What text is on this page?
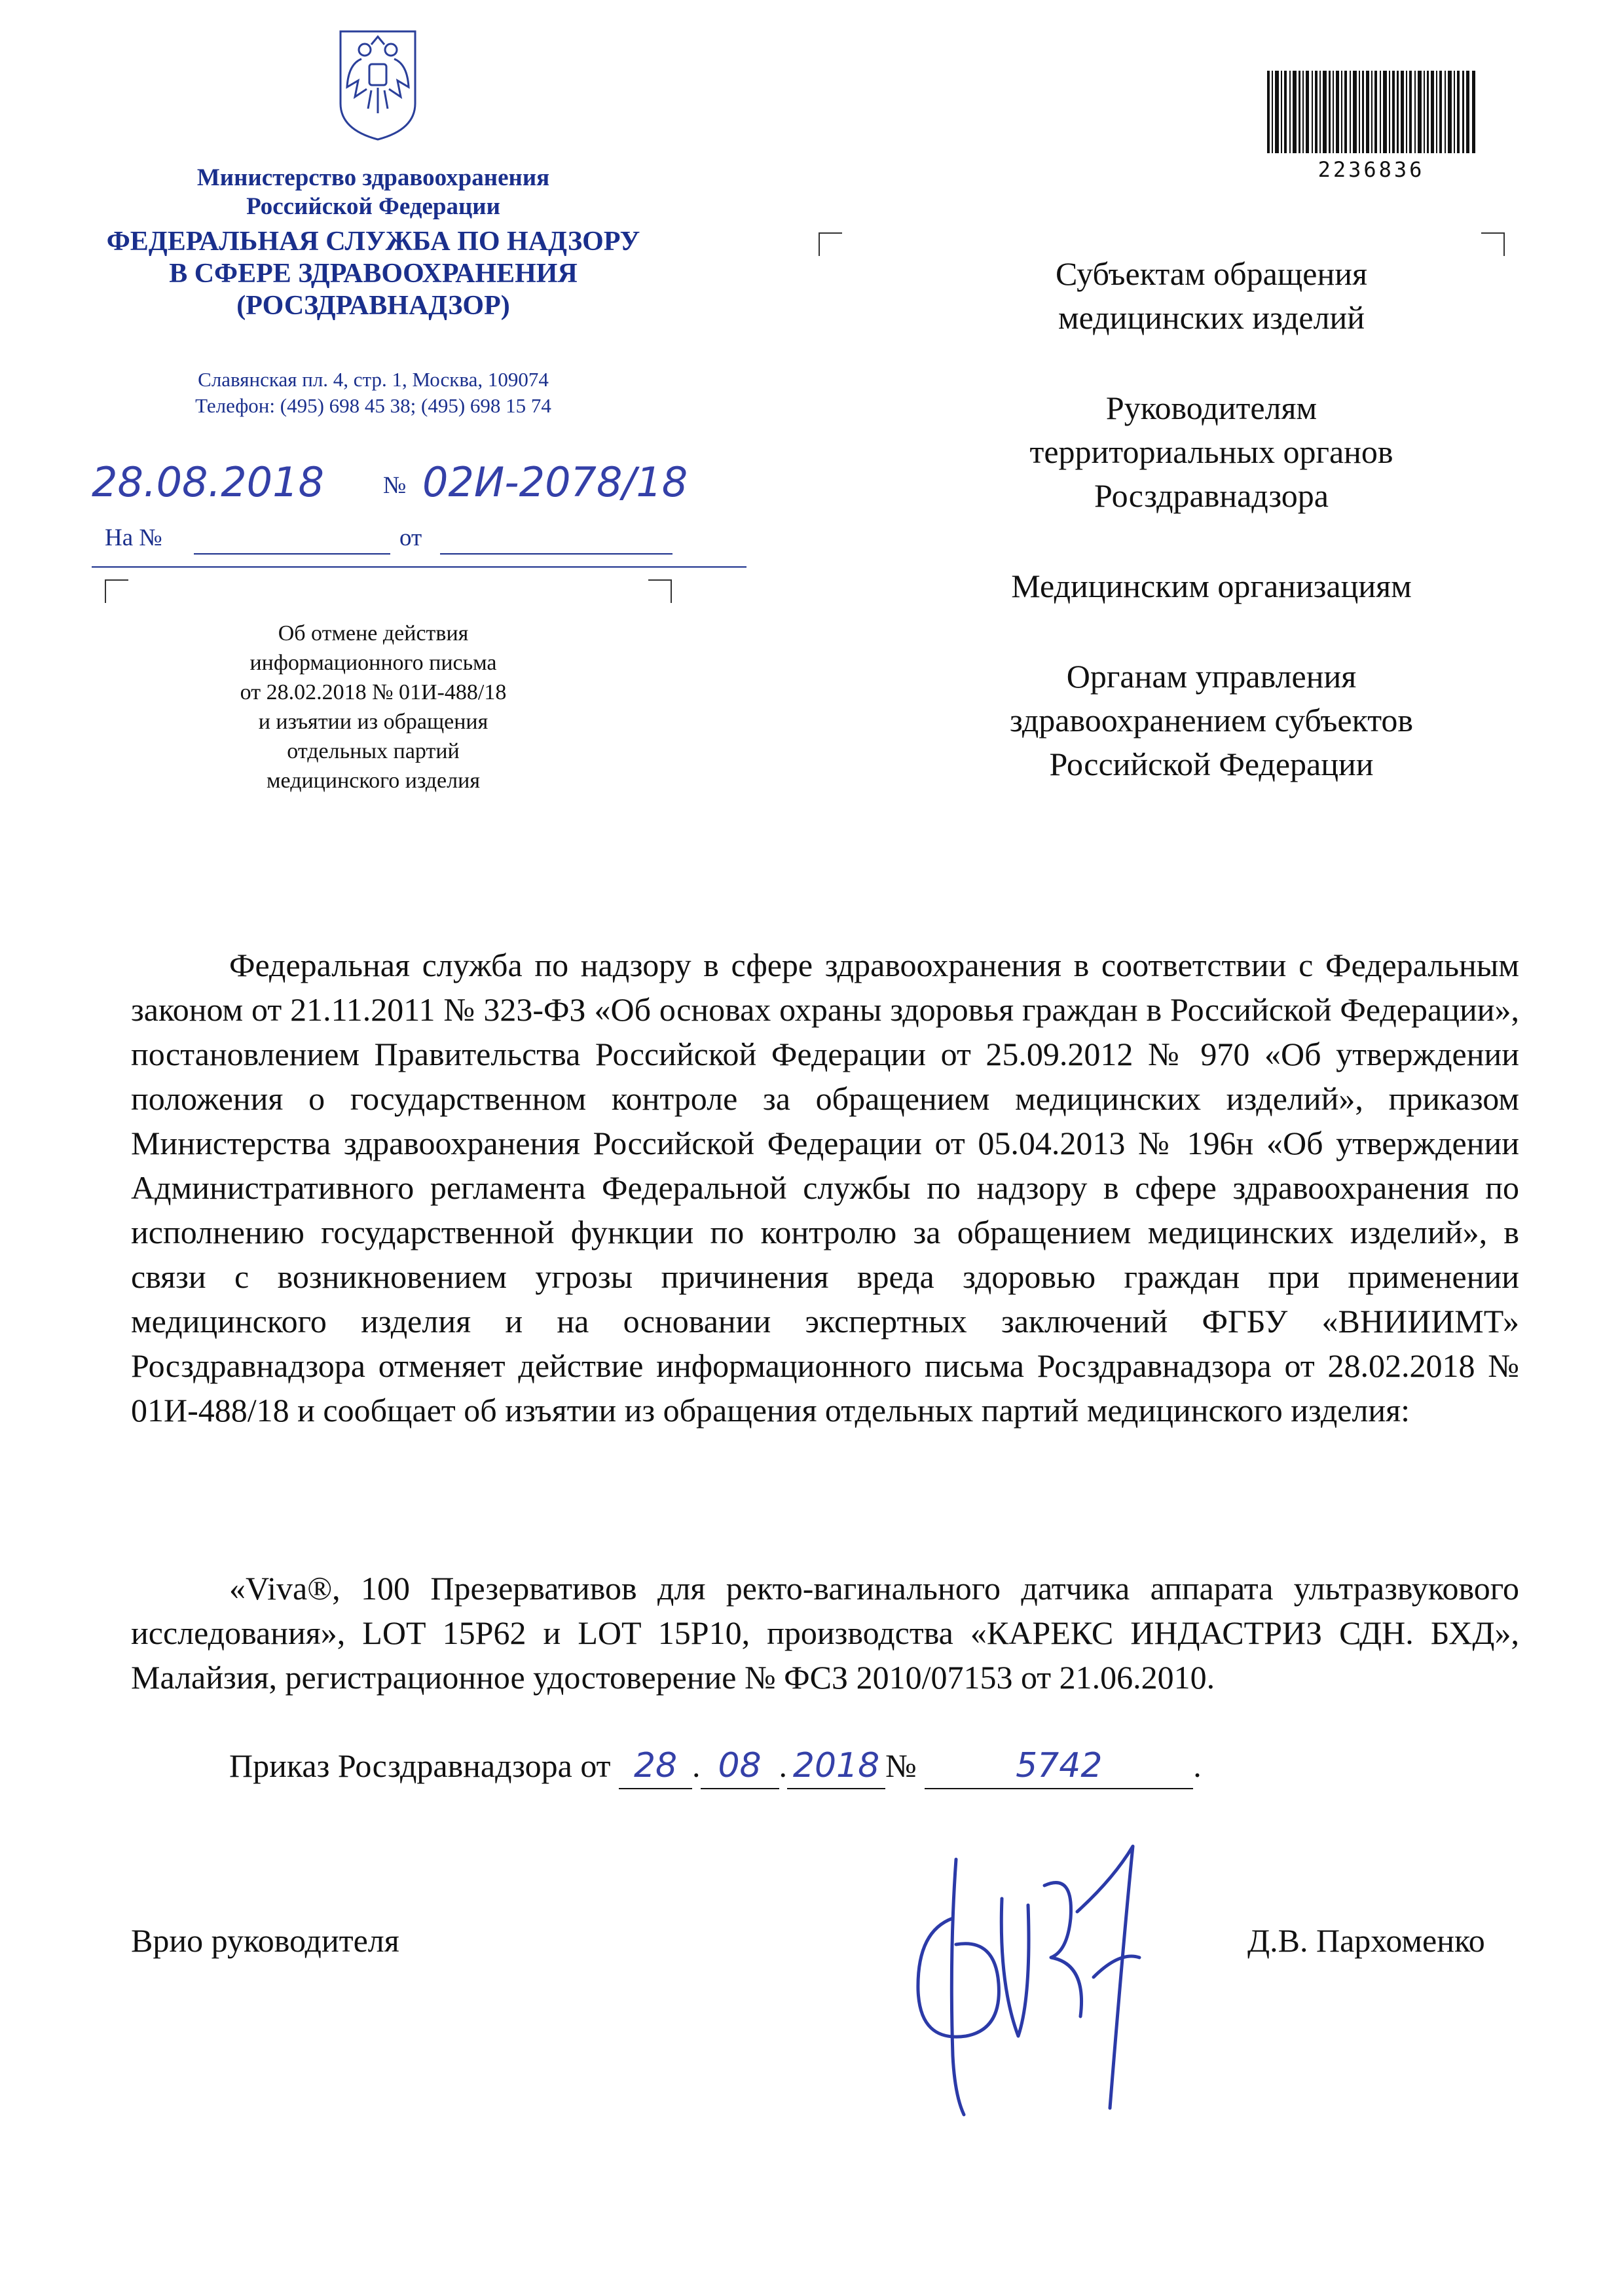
Министерство здравоохранения
Российской Федерации
ФЕДЕРАЛЬНАЯ СЛУЖБА ПО НАДЗОРУ
В СФЕРЕ ЗДРАВООХРАНЕНИЯ
(РОСЗДРАВНАДЗОР)
Славянская пл. 4, стр. 1, Москва, 109074
Телефон: (495) 698 45 38; (495) 698 15 74
28.08.2018 № 02И-2078/18
На №	от
Об отмене действия
информационного письма
от 28.02.2018 № 01И-488/18
и изъятии из обращения
отдельных партий
медицинского изделия
2236836
Субъектам обращения
медицинских изделий
Руководителям
территориальных органов
Росздравнадзора
Медицинским организациям
Органам управления
здравоохранением субъектов
Российской Федерации
Федеральная служба по надзору в сфере здравоохранения в соответствии с Федеральным законом от 21.11.2011 № 323-ФЗ «Об основах охраны здоровья граждан в Российской Федерации», постановлением Правительства Российской Федерации от 25.09.2012 № 970 «Об утверждении положения о государственном контроле за обращением медицинских изделий», приказом Министерства здравоохранения Российской Федерации от 05.04.2013 № 196н «Об утверждении Административного регламента Федеральной службы по надзору в сфере здравоохранения по исполнению государственной функции по контролю за обращением медицинских изделий», в связи с возникновением угрозы причинения вреда здоровью граждан при применении медицинского изделия и на основании экспертных заключений ФГБУ «ВНИИИМТ» Росздравнадзора отменяет действие информационного письма Росздравнадзора от 28.02.2018 № 01И-488/18 и сообщает об изъятии из обращения отдельных партий медицинского изделия:
«Viva®, 100 Презервативов для ректо-вагинального датчика аппарата ультразвукового исследования», LOT 15P62 и LOT 15P10, производства «КАРЕКС ИНДАСТРИЗ СДН. БХД», Малайзия, регистрационное удостоверение № ФСЗ 2010/07153 от 21.06.2010.
Приказ Росздравнадзора от 28 . 08 . 2018 №	5742	.
Врио руководителя	Д.В. Пархоменко
